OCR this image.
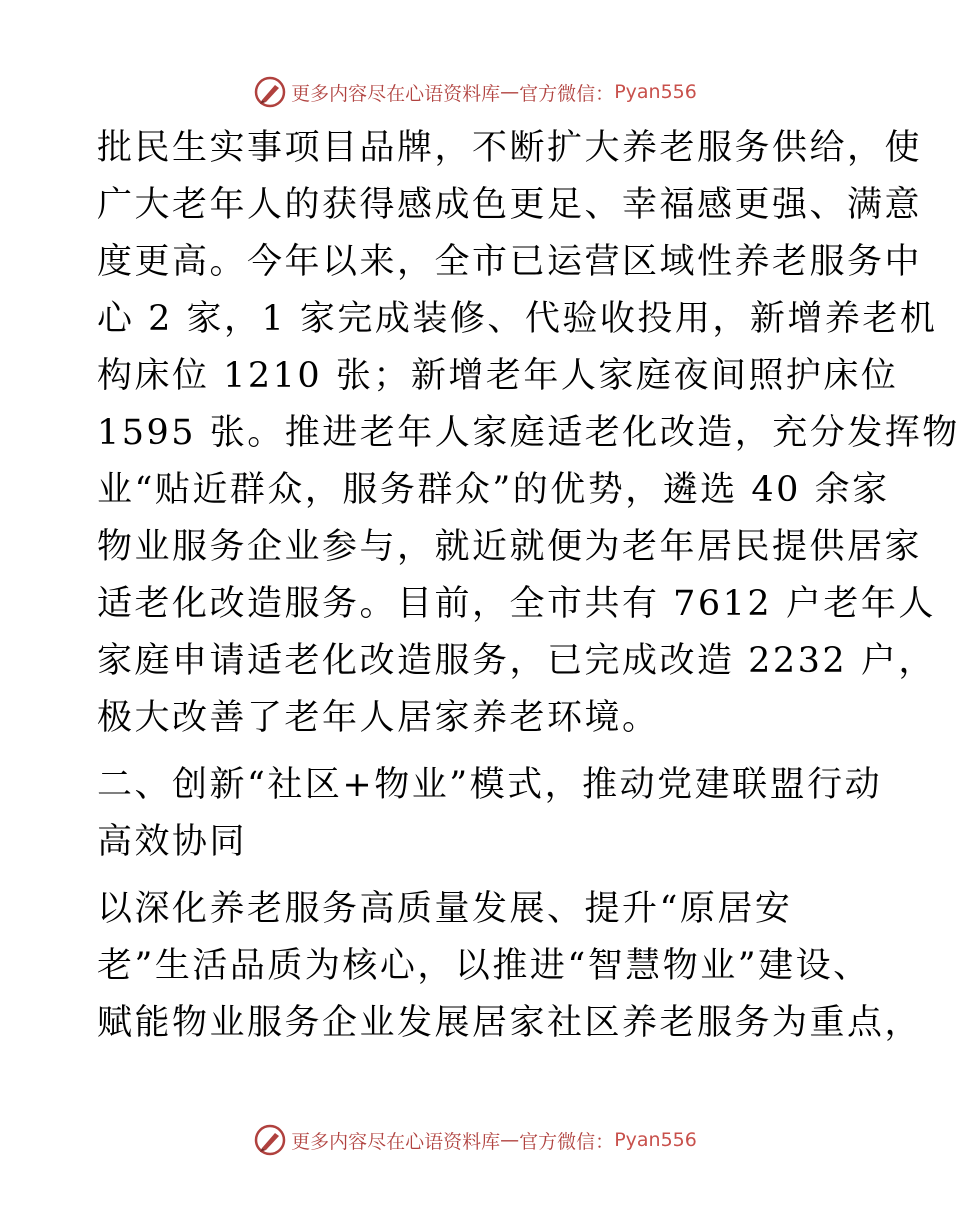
更多内容尽在心语资料库 — 官方微信： Pyan556
批民生实事项目品牌，不断扩大养老服务供给，使
广大老年人的获得感成色更足、幸福感更强、满意
度更高。今年以来，全市已运营区域性养老服务中
心 2 家，1 家完成装修、代验收投用，新增养老机
构床位 1210 张；新增老年人家庭夜间照护床位
1595 张。推进老年人家庭适老化改造，充分发挥物
业“贴近群众，服务群众”的优势，遴选 40 余家
物业服务企业参与，就近就便为老年居民提供居家
适老化改造服务。目前，全市共有 7612 户老年人
家庭申请适老化改造服务，已完成改造 2232 户，
极大改善了老年人居家养老环境。
二、创新“社区+物业”模式，推动党建联盟行动
高效协同
以深化养老服务高质量发展、提升“原居安
老”生活品质为核心，以推进“智慧物业”建设、
赋能物业服务企业发展居家社区养老服务为重点，
更多内容尽在心语资料库 — 官方微信： Pyan556
